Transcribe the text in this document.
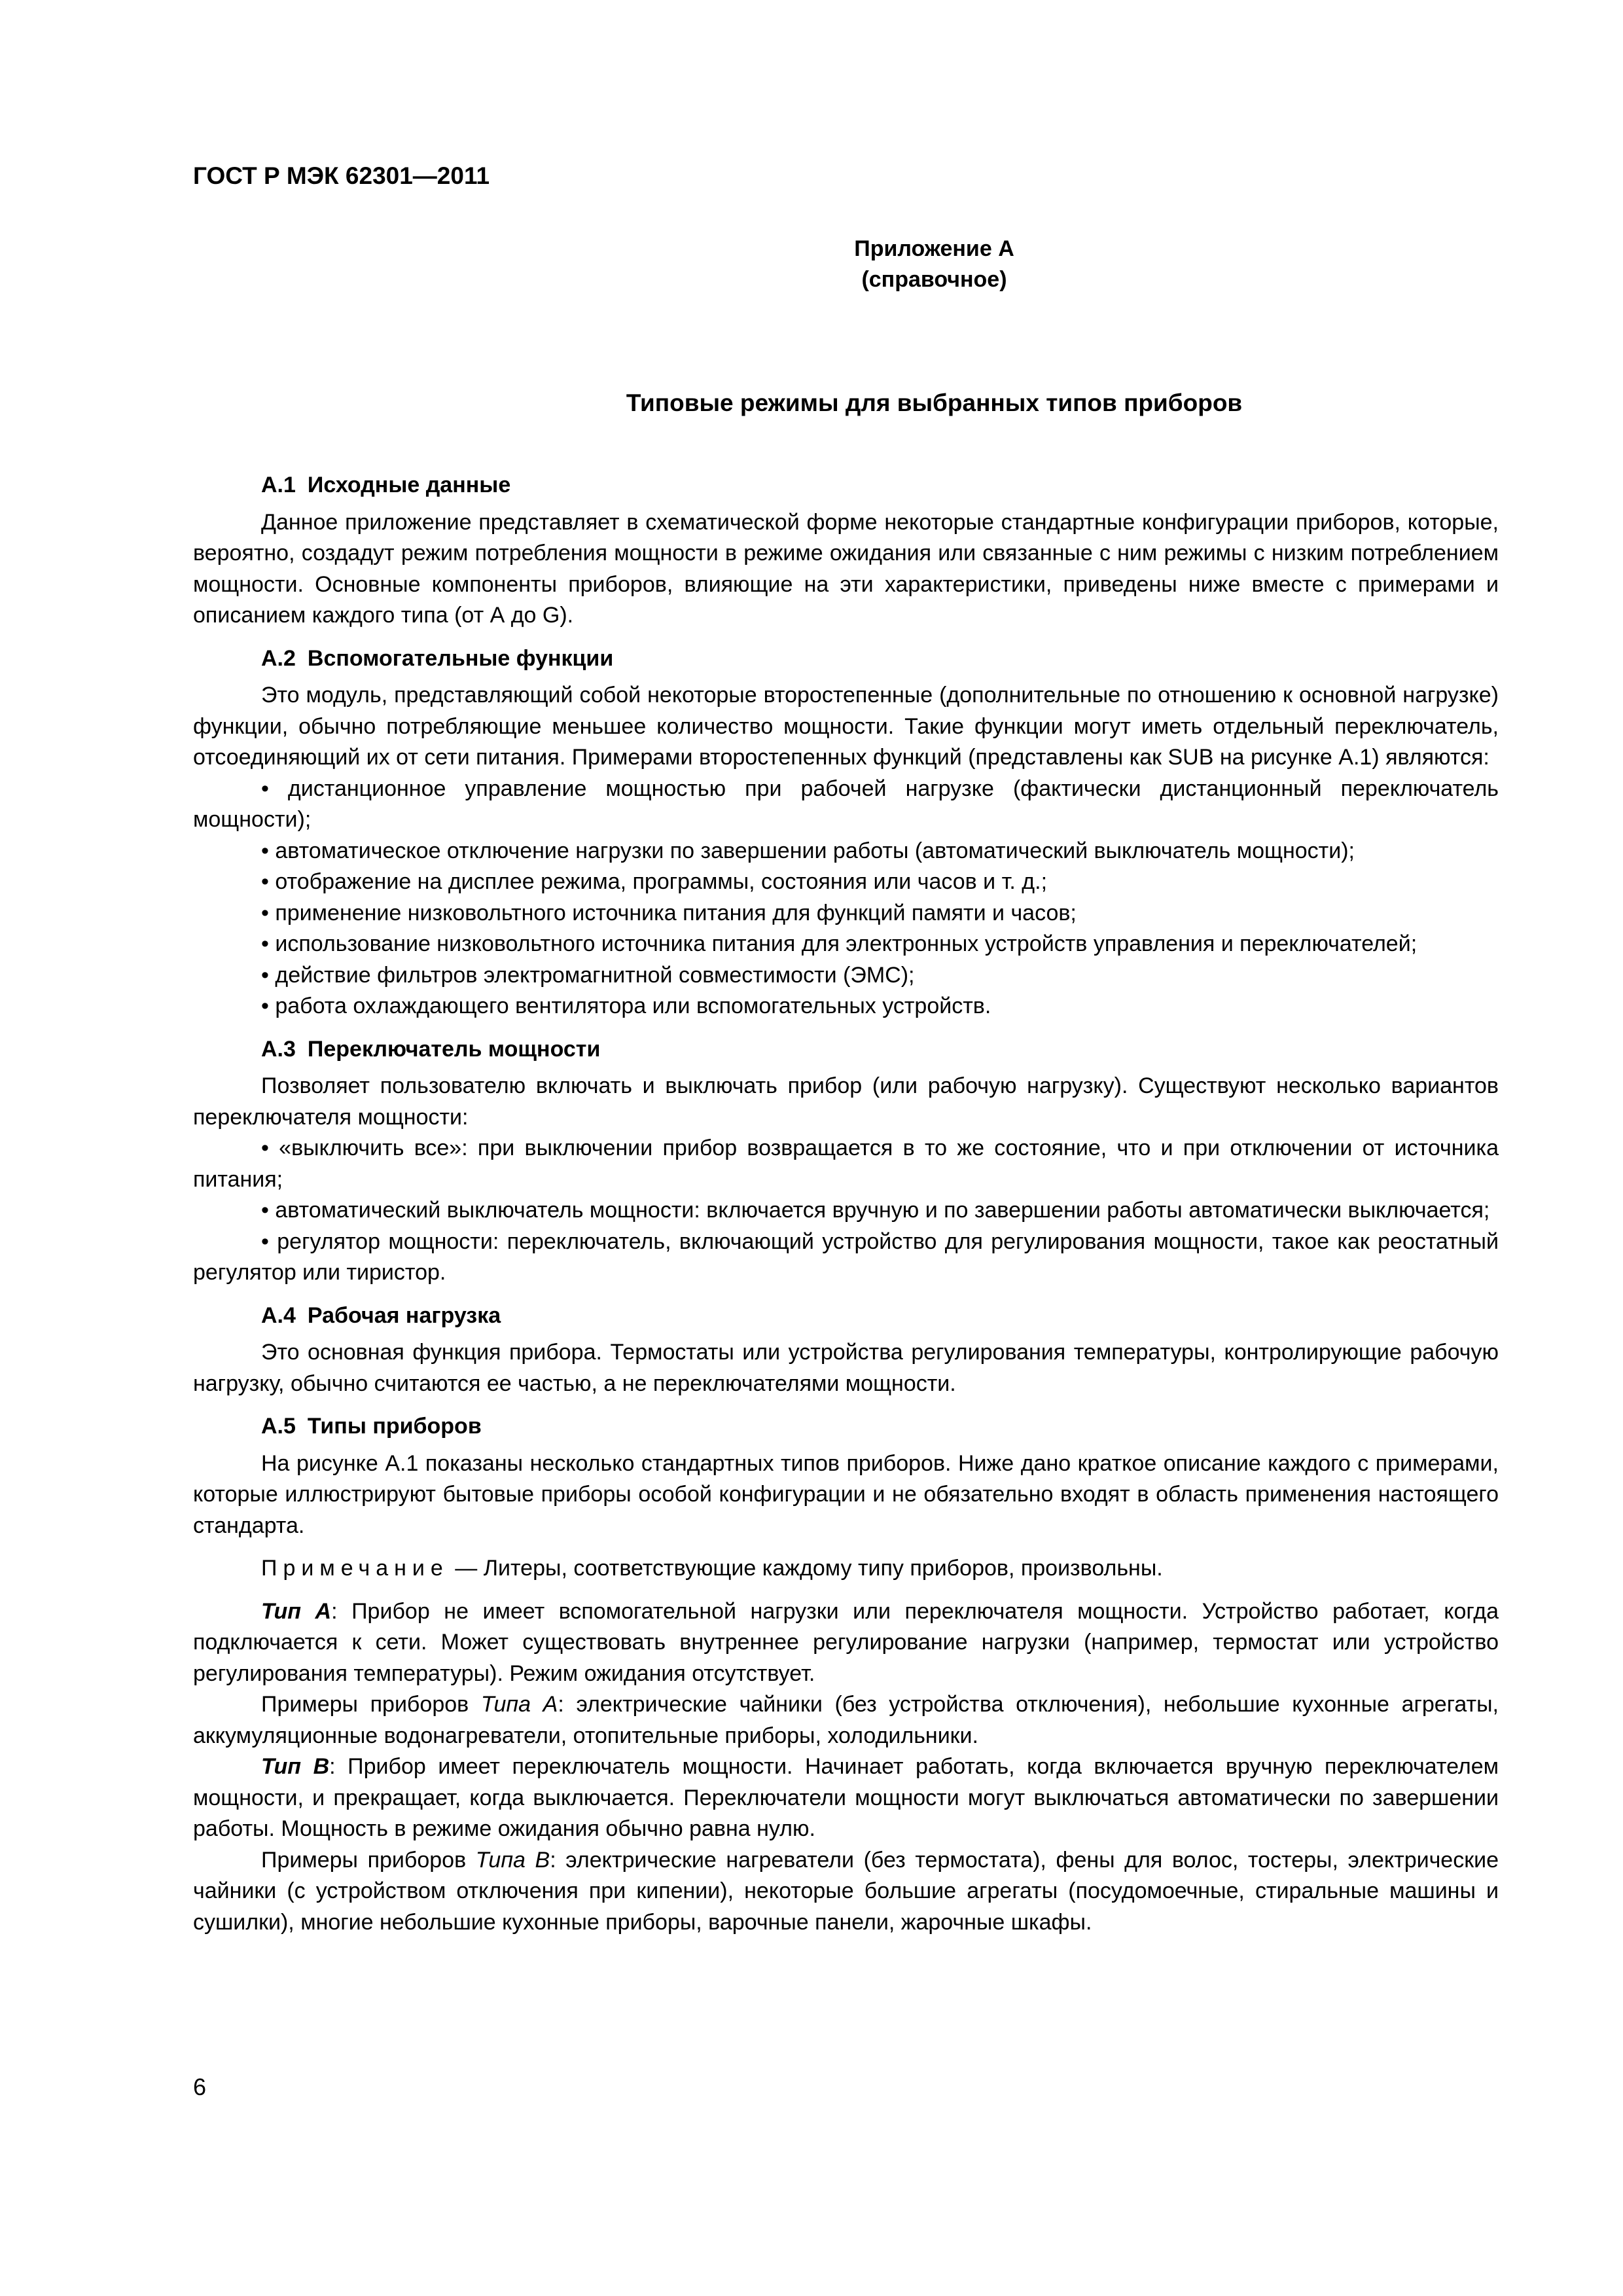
ГОСТ Р МЭК 62301—2011
Приложение А
(справочное)
Типовые режимы для выбранных типов приборов
А.1 Исходные данные

Данное приложение представляет в схематической форме некоторые стандартные конфигурации приборов, которые, вероятно, создадут режим потребления мощности в режиме ожидания или связанные с ним режимы с низким потреблением мощности. Основные компоненты приборов, влияющие на эти характеристики, приведены ниже вместе с примерами и описанием каждого типа (от А до G).

А.2 Вспомогательные функции

Это модуль, представляющий собой некоторые второстепенные (дополнительные по отношению к основной нагрузке) функции, обычно потребляющие меньшее количество мощности. Такие функции могут иметь отдельный переключатель, отсоединяющий их от сети питания. Примерами второстепенных функций (представлены как SUB на рисунке А.1) являются:

• дистанционное управление мощностью при рабочей нагрузке (фактически дистанционный переключатель мощности);

• автоматическое отключение нагрузки по завершении работы (автоматический выключатель мощности);

• отображение на дисплее режима, программы, состояния или часов и т. д.;

• применение низковольтного источника питания для функций памяти и часов;

• использование низковольтного источника питания для электронных устройств управления и переключателей;

• действие фильтров электромагнитной совместимости (ЭМС);

• работа охлаждающего вентилятора или вспомогательных устройств.

А.3 Переключатель мощности

Позволяет пользователю включать и выключать прибор (или рабочую нагрузку). Существуют несколько вариантов переключателя мощности:

• «выключить все»: при выключении прибор возвращается в то же состояние, что и при отключении от источника питания;

• автоматический выключатель мощности: включается вручную и по завершении работы автоматически выключается;

• регулятор мощности: переключатель, включающий устройство для регулирования мощности, такое как реостатный регулятор или тиристор.

А.4 Рабочая нагрузка

Это основная функция прибора. Термостаты или устройства регулирования температуры, контролирующие рабочую нагрузку, обычно считаются ее частью, а не переключателями мощности.

А.5 Типы приборов

На рисунке А.1 показаны несколько стандартных типов приборов. Ниже дано краткое описание каждого с примерами, которые иллюстрируют бытовые приборы особой конфигурации и не обязательно входят в область применения настоящего стандарта.

Примечание — Литеры, соответствующие каждому типу приборов, произвольны.

Тип А: Прибор не имеет вспомогательной нагрузки или переключателя мощности. Устройство работает, когда подключается к сети. Может существовать внутреннее регулирование нагрузки (например, термостат или устройство регулирования температуры). Режим ожидания отсутствует.

Примеры приборов Типа А: электрические чайники (без устройства отключения), небольшие кухонные агрегаты, аккумуляционные водонагреватели, отопительные приборы, холодильники.

Тип В: Прибор имеет переключатель мощности. Начинает работать, когда включается вручную переключателем мощности, и прекращает, когда выключается. Переключатели мощности могут выключаться автоматически по завершении работы. Мощность в режиме ожидания обычно равна нулю.

Примеры приборов Типа В: электрические нагреватели (без термостата), фены для волос, тостеры, электрические чайники (с устройством отключения при кипении), некоторые большие агрегаты (посудомоечные, стиральные машины и сушилки), многие небольшие кухонные приборы, варочные панели, жарочные шкафы.

6
